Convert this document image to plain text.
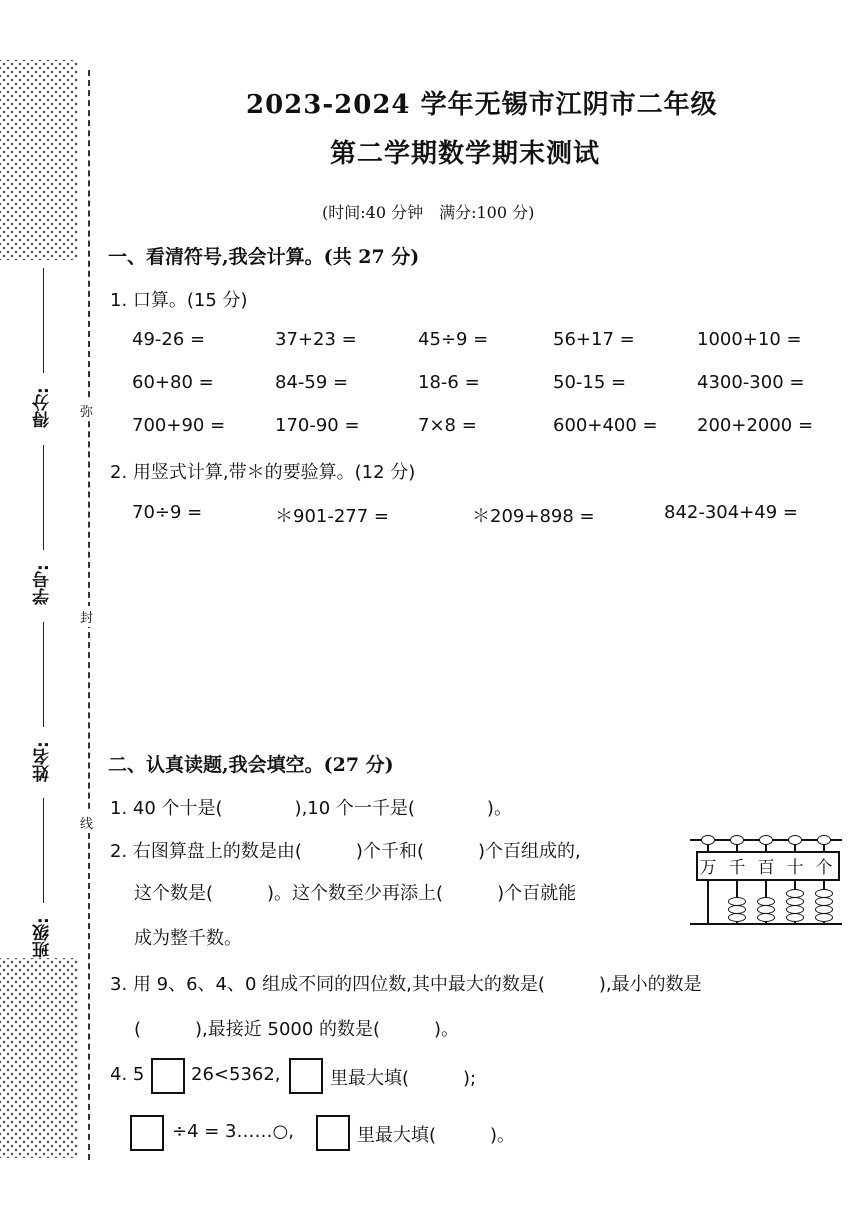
得分:
学号:
姓名:
班级:
弥
封
线
2023-2024 学年无锡市江阴市二年级
第二学期数学期末测试
(时间:40 分钟　满分:100 分)
一、看清符号,我会计算。(共 27 分)
1. 口算。(15 分)
49-26 =	37+23 =	45÷9 =	56+17 =	1000+10 =
60+80 =	84-59 =	18-6 =	50-15 =	4300-300 =
700+90 =	170-90 =	7×8 =	600+400 = 200+2000 =
2. 用竖式计算,带＊的要验算。(12 分)
70÷9 =	＊901-277 =	＊209+898 =	842-304+49 =
二、认真读题,我会填空。(27 分)
1. 40 个十是(　　　　),10 个一千是(　　　　)。
2. 右图算盘上的数是由(　　　)个千和(　　　)个百组成的,
这个数是(　　　)。这个数至少再添上(　　　)个百就能
成为整千数。
万 千 百 十 个
3. 用 9、6、4、0 组成不同的四位数,其中最大的数是(　　　),最小的数是
(　　　),最接近 5000 的数是(　　　)。
4. 5	26<5362,	里最大填(　　　);
÷4 = 3……○,	里最大填(　　　)。
